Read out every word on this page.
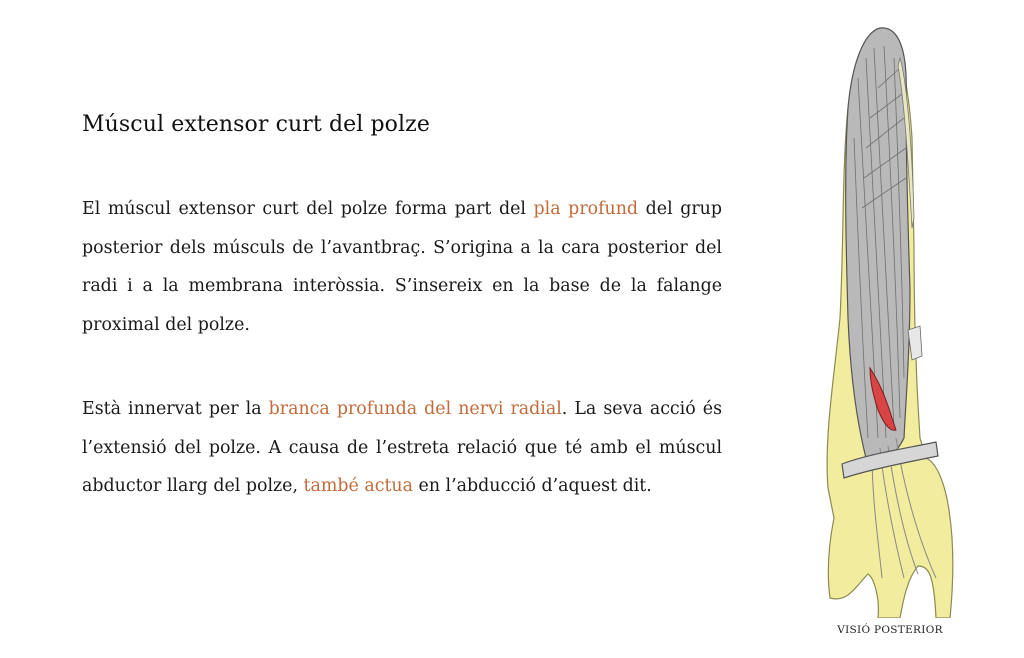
Múscul extensor curt del polze

El múscul extensor curt del polze forma part del pla profund del grup posterior dels músculs de l’avantbraç. S’origina a la cara posterior del radi i a la membrana interòssia. S’insereix en la base de la falange proximal del polze.

Està innervat per la branca profunda del nervi radial. La seva acció és l’extensió del polze. A causa de l’estreta relació que té amb el múscul abductor llarg del polze, també actua en l’abducció d’aquest dit.

VISIÓ POSTERIOR
